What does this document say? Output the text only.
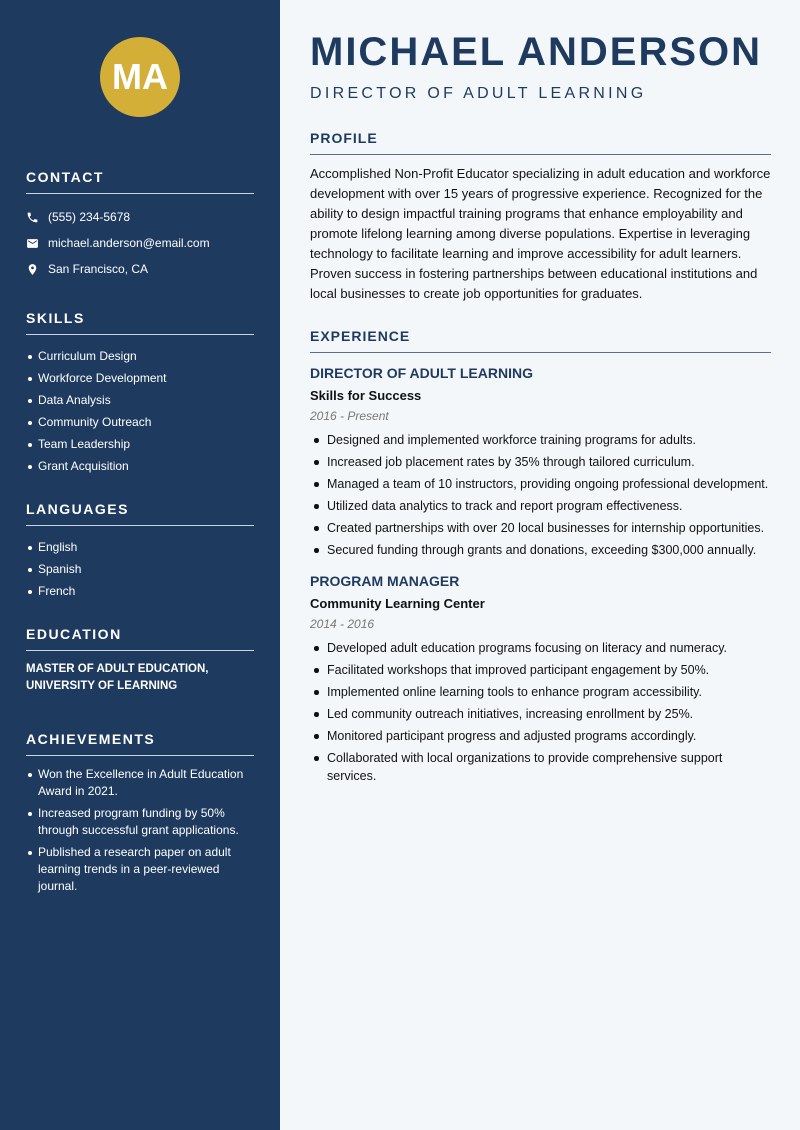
MA
CONTACT
(555) 234-5678
michael.anderson@email.com
San Francisco, CA
SKILLS
Curriculum Design
Workforce Development
Data Analysis
Community Outreach
Team Leadership
Grant Acquisition
LANGUAGES
English
Spanish
French
EDUCATION
MASTER OF ADULT EDUCATION,
UNIVERSITY OF LEARNING
ACHIEVEMENTS
Won the Excellence in Adult Education Award in 2021.
Increased program funding by 50% through successful grant applications.
Published a research paper on adult learning trends in a peer-reviewed journal.
MICHAEL ANDERSON
DIRECTOR OF ADULT LEARNING
PROFILE

Accomplished Non-Profit Educator specializing in adult education and workforce development with over 15 years of progressive experience. Recognized for the ability to design impactful training programs that enhance employability and promote lifelong learning among diverse populations. Expertise in leveraging technology to facilitate learning and improve accessibility for adult learners. Proven success in fostering partnerships between educational institutions and local businesses to create job opportunities for graduates.

EXPERIENCE
DIRECTOR OF ADULT LEARNING
Skills for Success
2016 - Present
Designed and implemented workforce training programs for adults.
Increased job placement rates by 35% through tailored curriculum.
Managed a team of 10 instructors, providing ongoing professional development.
Utilized data analytics to track and report program effectiveness.
Created partnerships with over 20 local businesses for internship opportunities.
Secured funding through grants and donations, exceeding $300,000 annually.
PROGRAM MANAGER
Community Learning Center
2014 - 2016
Developed adult education programs focusing on literacy and numeracy.
Facilitated workshops that improved participant engagement by 50%.
Implemented online learning tools to enhance program accessibility.
Led community outreach initiatives, increasing enrollment by 25%.
Monitored participant progress and adjusted programs accordingly.
Collaborated with local organizations to provide comprehensive support services.
